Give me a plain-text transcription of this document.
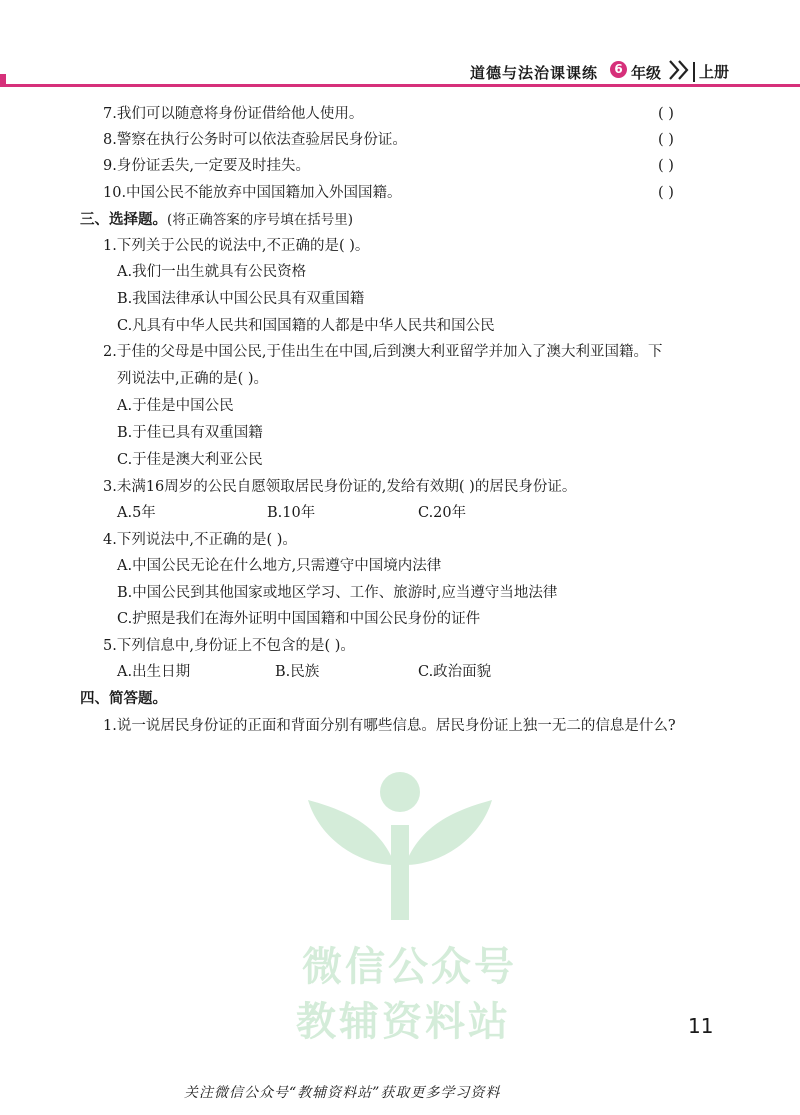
道德与法治课课练	6 年级	上册
7.我们可以随意将身份证借给他人使用。	( )
8.警察在执行公务时可以依法查验居民身份证。	( )
9.身份证丢失,一定要及时挂失。	( )
10.中国公民不能放弃中国国籍加入外国国籍。	( )
三、选择题。(将正确答案的序号填在括号里)
1.下列关于公民的说法中,不正确的是( )。
A.我们一出生就具有公民资格
B.我国法律承认中国公民具有双重国籍
C.凡具有中华人民共和国国籍的人都是中华人民共和国公民
2.于佳的父母是中国公民,于佳出生在中国,后到澳大利亚留学并加入了澳大利亚国籍。下
列说法中,正确的是( )。
A.于佳是中国公民
B.于佳已具有双重国籍
C.于佳是澳大利亚公民
3.未满16周岁的公民自愿领取居民身份证的,发给有效期( )的居民身份证。
A.5年	B.10年	C.20年
4.下列说法中,不正确的是( )。
A.中国公民无论在什么地方,只需遵守中国境内法律
B.中国公民到其他国家或地区学习、工作、旅游时,应当遵守当地法律
C.护照是我们在海外证明中国国籍和中国公民身份的证件
5.下列信息中,身份证上不包含的是( )。
A.出生日期	B.民族	C.政治面貌
四、简答题。
1.说一说居民身份证的正面和背面分别有哪些信息。居民身份证上独一无二的信息是什么?
微信公众号
教辅资料站	11
关注微信公众号“教辅资料站”获取更多学习资料
